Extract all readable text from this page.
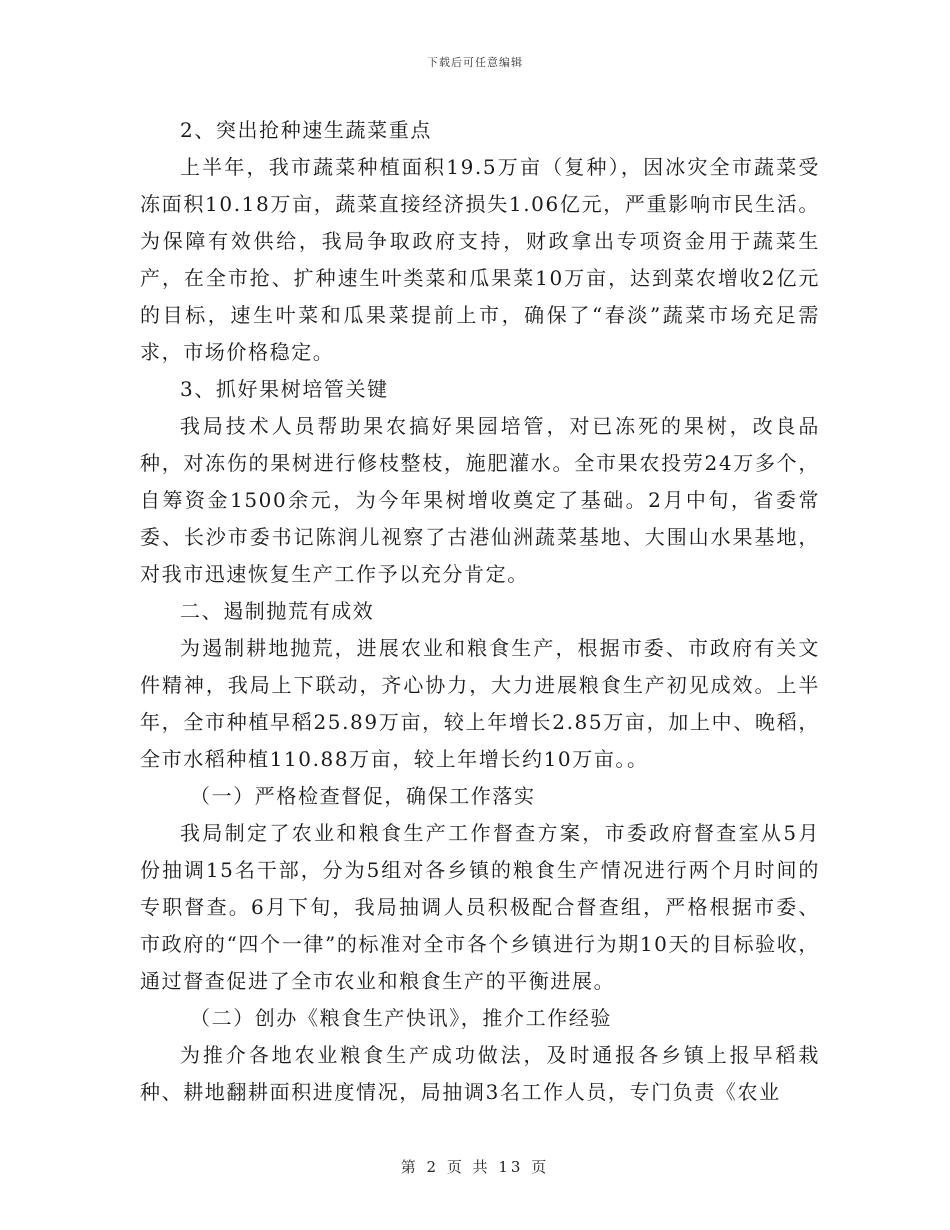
下载后可任意编辑

2、突出抢种速生蔬菜重点

上半年，我市蔬菜种植面积19.5万亩（复种），因冰灾全市蔬菜受冻面积10.18万亩，蔬菜直接经济损失1.06亿元，严重影响市民生活。为保障有效供给，我局争取政府支持，财政拿出专项资金用于蔬菜生产，在全市抢、扩种速生叶类菜和瓜果菜10万亩，达到菜农增收2亿元的目标，速生叶菜和瓜果菜提前上市，确保了“春淡”蔬菜市场充足需求，市场价格稳定。

3、抓好果树培管关键

我局技术人员帮助果农搞好果园培管，对已冻死的果树，改良品种，对冻伤的果树进行修枝整枝，施肥灌水。全市果农投劳24万多个，自筹资金1500余元，为今年果树增收奠定了基础。2月中旬，省委常委、长沙市委书记陈润儿视察了古港仙洲蔬菜基地、大围山水果基地，对我市迅速恢复生产工作予以充分肯定。

二、遏制抛荒有成效

为遏制耕地抛荒，进展农业和粮食生产，根据市委、市政府有关文件精神，我局上下联动，齐心协力，大力进展粮食生产初见成效。上半年，全市种植早稻25.89万亩，较上年增长2.85万亩，加上中、晚稻，全市水稻种植110.88万亩，较上年增长约10万亩。。

（一）严格检查督促，确保工作落实

我局制定了农业和粮食生产工作督查方案，市委政府督查室从5月份抽调15名干部，分为5组对各乡镇的粮食生产情况进行两个月时间的专职督查。6月下旬，我局抽调人员积极配合督查组，严格根据市委、市政府的“四个一律”的标准对全市各个乡镇进行为期10天的目标验收，通过督查促进了全市农业和粮食生产的平衡进展。

（二）创办《粮食生产快讯》，推介工作经验

为推介各地农业粮食生产成功做法，及时通报各乡镇上报早稻栽种、耕地翻耕面积进度情况，局抽调3名工作人员，专门负责《农业

第 2 页 共 13 页
